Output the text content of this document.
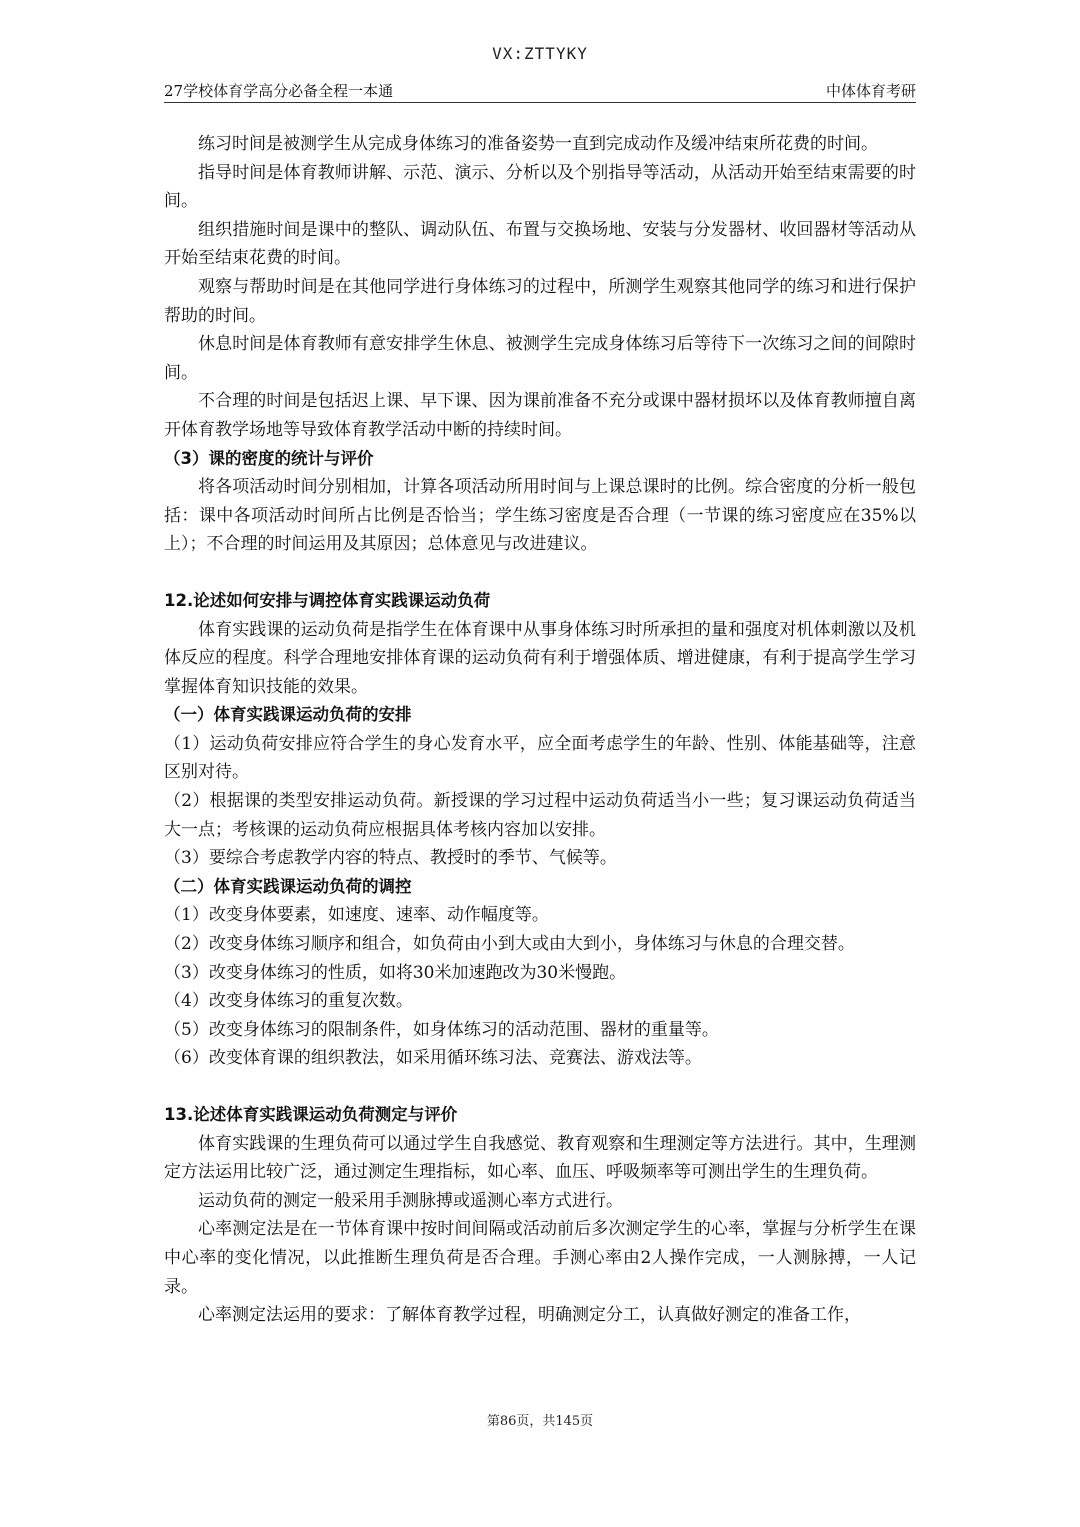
VX:ZTTYKY
27学校体育学高分必备全程一本通	中体体育考研

练习时间是被测学生从完成身体练习的准备姿势一直到完成动作及缓冲结束所花费的时间。

指导时间是体育教师讲解、示范、演示、分析以及个别指导等活动，从活动开始至结束需要的时间。

组织措施时间是课中的整队、调动队伍、布置与交换场地、安装与分发器材、收回器材等活动从开始至结束花费的时间。

观察与帮助时间是在其他同学进行身体练习的过程中，所测学生观察其他同学的练习和进行保护帮助的时间。

休息时间是体育教师有意安排学生休息、被测学生完成身体练习后等待下一次练习之间的间隙时间。

不合理的时间是包括迟上课、早下课、因为课前准备不充分或课中器材损坏以及体育教师擅自离开体育教学场地等导致体育教学活动中断的持续时间。

（3）课的密度的统计与评价

将各项活动时间分别相加，计算各项活动所用时间与上课总课时的比例。综合密度的分析一般包括：课中各项活动时间所占比例是否恰当；学生练习密度是否合理（一节课的练习密度应在35%以上）；不合理的时间运用及其原因；总体意见与改进建议。

12.论述如何安排与调控体育实践课运动负荷

体育实践课的运动负荷是指学生在体育课中从事身体练习时所承担的量和强度对机体刺激以及机体反应的程度。科学合理地安排体育课的运动负荷有利于增强体质、增进健康，有利于提高学生学习掌握体育知识技能的效果。

（一）体育实践课运动负荷的安排

（1）运动负荷安排应符合学生的身心发育水平，应全面考虑学生的年龄、性别、体能基础等，注意区别对待。

（2）根据课的类型安排运动负荷。新授课的学习过程中运动负荷适当小一些；复习课运动负荷适当大一点；考核课的运动负荷应根据具体考核内容加以安排。

（3）要综合考虑教学内容的特点、教授时的季节、气候等。

（二）体育实践课运动负荷的调控

（1）改变身体要素，如速度、速率、动作幅度等。

（2）改变身体练习顺序和组合，如负荷由小到大或由大到小，身体练习与休息的合理交替。

（3）改变身体练习的性质，如将30米加速跑改为30米慢跑。

（4）改变身体练习的重复次数。

（5）改变身体练习的限制条件，如身体练习的活动范围、器材的重量等。

（6）改变体育课的组织教法，如采用循环练习法、竞赛法、游戏法等。

13.论述体育实践课运动负荷测定与评价

体育实践课的生理负荷可以通过学生自我感觉、教育观察和生理测定等方法进行。其中，生理测定方法运用比较广泛，通过测定生理指标，如心率、血压、呼吸频率等可测出学生的生理负荷。

运动负荷的测定一般采用手测脉搏或遥测心率方式进行。

心率测定法是在一节体育课中按时间间隔或活动前后多次测定学生的心率，掌握与分析学生在课中心率的变化情况，以此推断生理负荷是否合理。手测心率由2人操作完成，一人测脉搏，一人记录。

心率测定法运用的要求：了解体育教学过程，明确测定分工，认真做好测定的准备工作，

第86页，共145页
